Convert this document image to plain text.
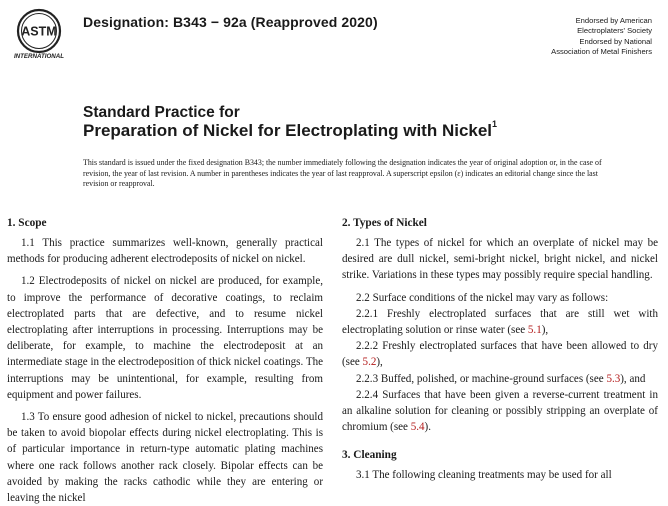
ASTM
INTERNATIONAL
Designation: B343 − 92a (Reapproved 2020)	Endorsed by American
Electroplaters' Society
Endorsed by National
Association of Metal Finishers
Standard Practice for
Preparation of Nickel for Electroplating with Nickel$^1$
This standard is issued under the fixed designation B343; the number immediately following the designation indicates the year of original adoption or, in the case of revision, the year of last revision. A number in parentheses indicates the year of last reapproval. A superscript epsilon (ε) indicates an editorial change since the last revision or reapproval.
1. Scope

1.1 This practice summarizes well-known, generally practical methods for producing adherent electrodeposits of nickel on nickel.

1.2 Electrodeposits of nickel on nickel are produced, for example, to improve the performance of decorative coatings, to reclaim electroplated parts that are defective, and to resume nickel electroplating after interruptions in processing. Interruptions may be deliberate, for example, to machine the electrodeposit at an intermediate stage in the electrodeposition of thick nickel coatings. The interruptions may be unintentional, for example, resulting from equipment and power failures.

1.3 To ensure good adhesion of nickel to nickel, precautions should be taken to avoid biopolar effects during nickel electroplating. This is of particular importance in return-type automatic plating machines where one rack follows another rack closely. Bipolar effects can be avoided by making the racks cathodic while they are entering or leaving the nickel

2. Types of Nickel

2.1 The types of nickel for which an overplate of nickel may be desired are dull nickel, semi-bright nickel, bright nickel, and nickel strike. Variations in these types may possibly require special handling.

2.2 Surface conditions of the nickel may vary as follows:

2.2.1 Freshly electroplated surfaces that are still wet with electroplating solution or rinse water (see 5.1),

2.2.2 Freshly electroplated surfaces that have been allowed to dry (see 5.2),

2.2.3 Buffed, polished, or machine-ground surfaces (see 5.3), and

2.2.4 Surfaces that have been given a reverse-current treatment in an alkaline solution for cleaning or possibly stripping an overplate of chromium (see 5.4).

3. Cleaning

3.1 The following cleaning treatments may be used for all
